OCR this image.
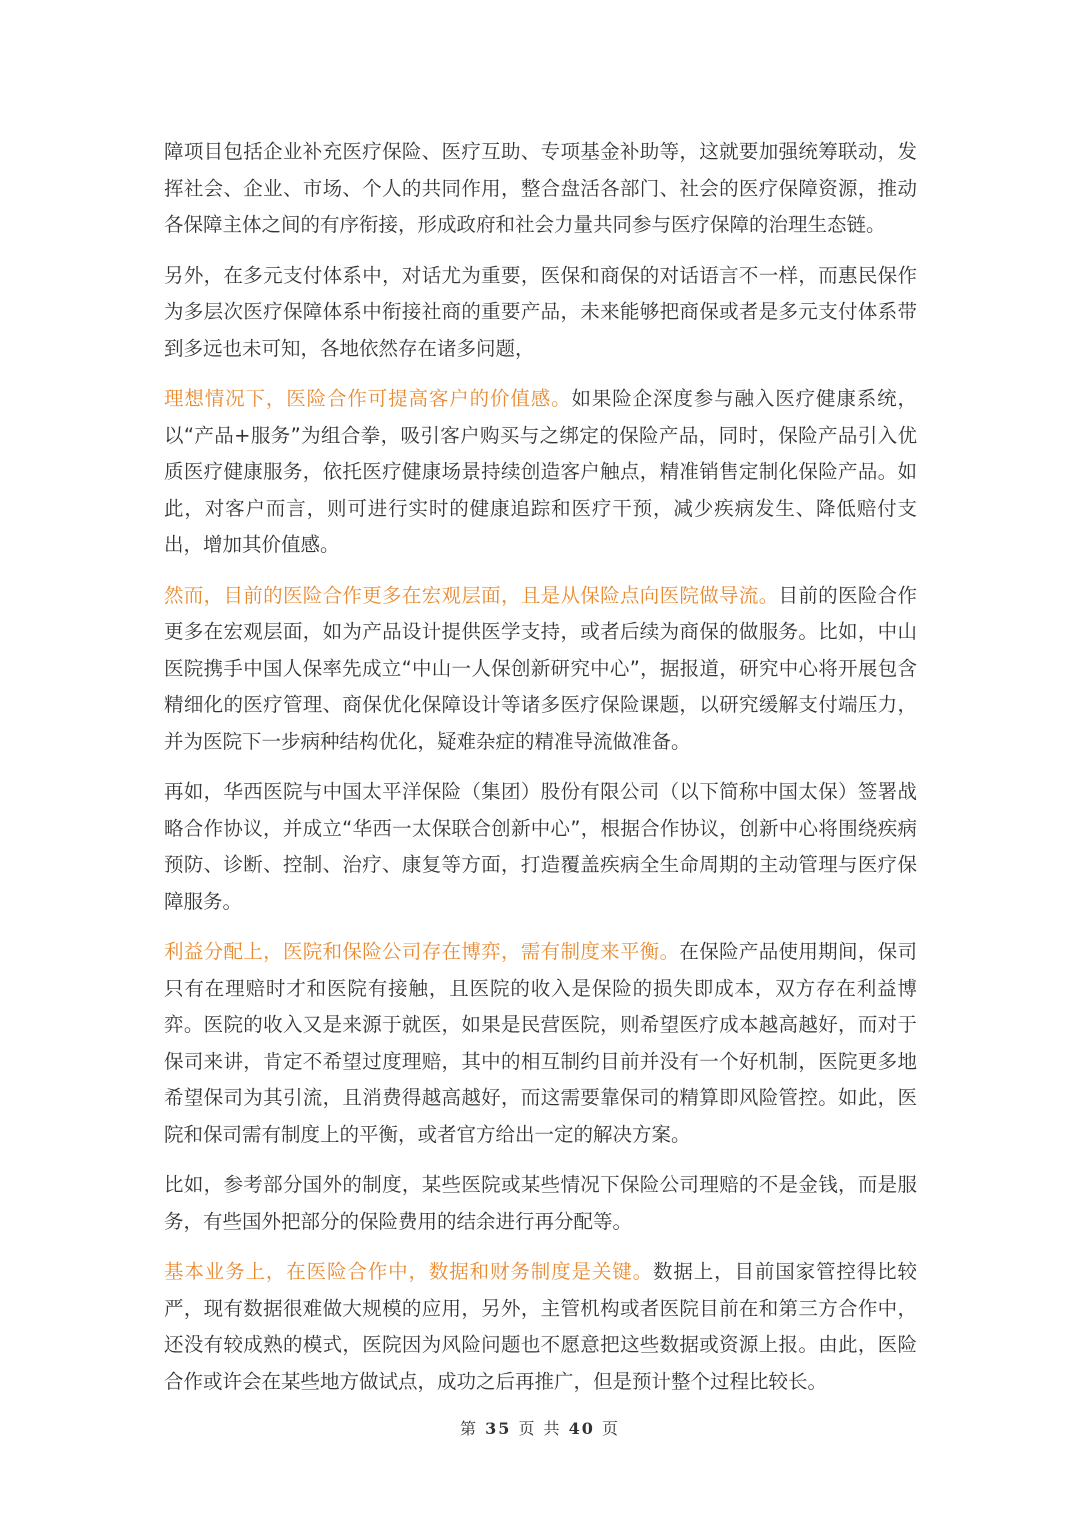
障项目包括企业补充医疗保险、医疗互助、专项基金补助等，这就要加强统筹联动，发挥社会、企业、市场、个人的共同作用，整合盘活各部门、社会的医疗保障资源，推动各保障主体之间的有序衔接，形成政府和社会力量共同参与医疗保障的治理生态链。

另外，在多元支付体系中，对话尤为重要，医保和商保的对话语言不一样，而惠民保作为多层次医疗保障体系中衔接社商的重要产品，未来能够把商保或者是多元支付体系带到多远也未可知，各地依然存在诸多问题，

理想情况下，医险合作可提高客户的价值感。如果险企深度参与融入医疗健康系统，以“产品+服务”为组合拳，吸引客户购买与之绑定的保险产品，同时，保险产品引入优质医疗健康服务，依托医疗健康场景持续创造客户触点，精准销售定制化保险产品。如此，对客户而言，则可进行实时的健康追踪和医疗干预，减少疾病发生、降低赔付支出，增加其价值感。

然而，目前的医险合作更多在宏观层面，且是从保险点向医院做导流。目前的医险合作更多在宏观层面，如为产品设计提供医学支持，或者后续为商保的做服务。比如，中山医院携手中国人保率先成立“中山一人保创新研究中心”，据报道，研究中心将开展包含精细化的医疗管理、商保优化保障设计等诸多医疗保险课题，以研究缓解支付端压力，并为医院下一步病种结构优化，疑难杂症的精准导流做准备。

再如，华西医院与中国太平洋保险（集团）股份有限公司（以下简称中国太保）签署战略合作协议，并成立“华西一太保联合创新中心”，根据合作协议，创新中心将围绕疾病预防、诊断、控制、治疗、康复等方面，打造覆盖疾病全生命周期的主动管理与医疗保障服务。

利益分配上，医院和保险公司存在博弈，需有制度来平衡。在保险产品使用期间，保司只有在理赔时才和医院有接触，且医院的收入是保险的损失即成本，双方存在利益博弈。医院的收入又是来源于就医，如果是民营医院，则希望医疗成本越高越好，而对于保司来讲，肯定不希望过度理赔，其中的相互制约目前并没有一个好机制，医院更多地希望保司为其引流，且消费得越高越好，而这需要靠保司的精算即风险管控。如此，医院和保司需有制度上的平衡，或者官方给出一定的解决方案。

比如，参考部分国外的制度，某些医院或某些情况下保险公司理赔的不是金钱，而是服务，有些国外把部分的保险费用的结余进行再分配等。

基本业务上，在医险合作中，数据和财务制度是关键。数据上，目前国家管控得比较严，现有数据很难做大规模的应用，另外，主管机构或者医院目前在和第三方合作中，还没有较成熟的模式，医院因为风险问题也不愿意把这些数据或资源上报。由此，医险合作或许会在某些地方做试点，成功之后再推广，但是预计整个过程比较长。

第 35 页 共 40 页
